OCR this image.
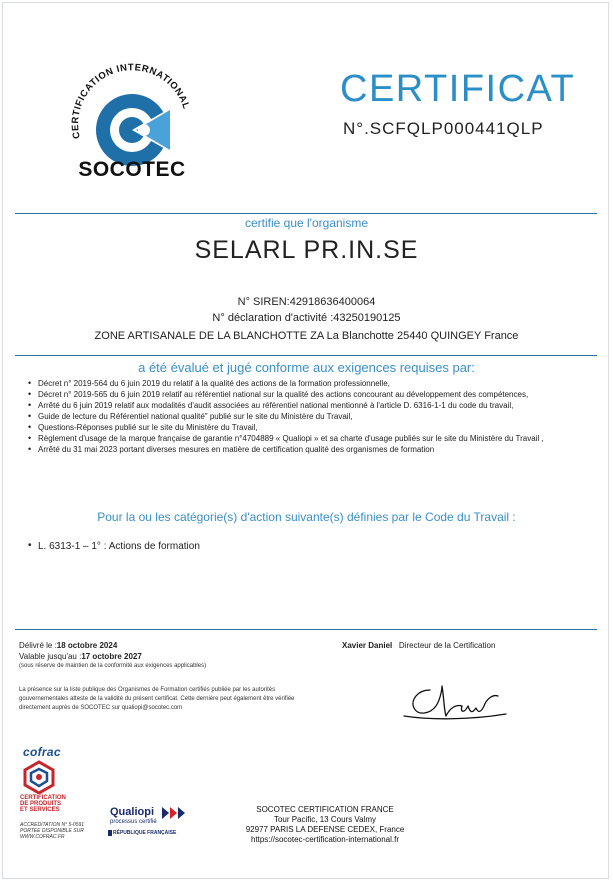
CERTIFICATION INTERNATIONAL
SOCOTEC
CERTIFICAT
N°.SCFQLP000441QLP
certifie que l'organisme
SELARL PR.IN.SE
N° SIREN:42918636400064
N° déclaration d'activité :43250190125
ZONE ARTISANALE DE LA BLANCHOTTE ZA La Blanchotte 25440 QUINGEY France
a été évalué et jugé conforme aux exigences requises par:
• Décret n° 2019-564 du 6 juin 2019 du relatif à la qualité des actions de la formation professionnelle,
• Décret n° 2019-565 du 6 juin 2019 relatif au référentiel national sur la qualité des actions concourant au développement des compétences,
• Arrêté du 6 juin 2019 relatif aux modalités d'audit associées au référentiel national mentionné à l'article D. 6316-1-1 du code du travail,
• Guide de lecture du Référentiel national qualité" publié sur le site du Ministère du Travail,
• Questions-Réponses publié sur le site du Ministère du Travail,
• Règlement d'usage de la marque française de garantie n°4704889 « Qualiopi » et sa charte d'usage publiés sur le site du Ministère du Travail ,
• Arrêté du 31 mai 2023 portant diverses mesures en matière de certification qualité des organismes de formation
Pour la ou les catégorie(s) d'action suivante(s) définies par le Code du Travail :
• L. 6313-1 – 1° : Actions de formation
Délivré le :18 octobre 2024
Valable jusqu'au :17 octobre 2027
(sous réserve de maintien de la conformité aux exigences applicables)
Xavier Daniel Directeur de la Certification
La présence sur la liste publique des Organismes de Formation certifiés publiée par les autorités gouvernementales atteste de la validité du présent certificat. Cette dernière peut également être vérifiée directement auprès de SOCOTEC sur qualiopi@socotec.com
cofrac
CERTIFICATION
DE PRODUITS
ET SERVICES
ACCREDITATION N° 5-0591
PORTEE DISPONIBLE SUR
WWW.COFRAC.FR
Qualiopi
processus certifié
RÉPUBLIQUE FRANÇAISE
SOCOTEC CERTIFICATION FRANCE
Tour Pacific, 13 Cours Valmy
92977 PARIS LA DEFENSE CEDEX, France
https://socotec-certification-international.fr
